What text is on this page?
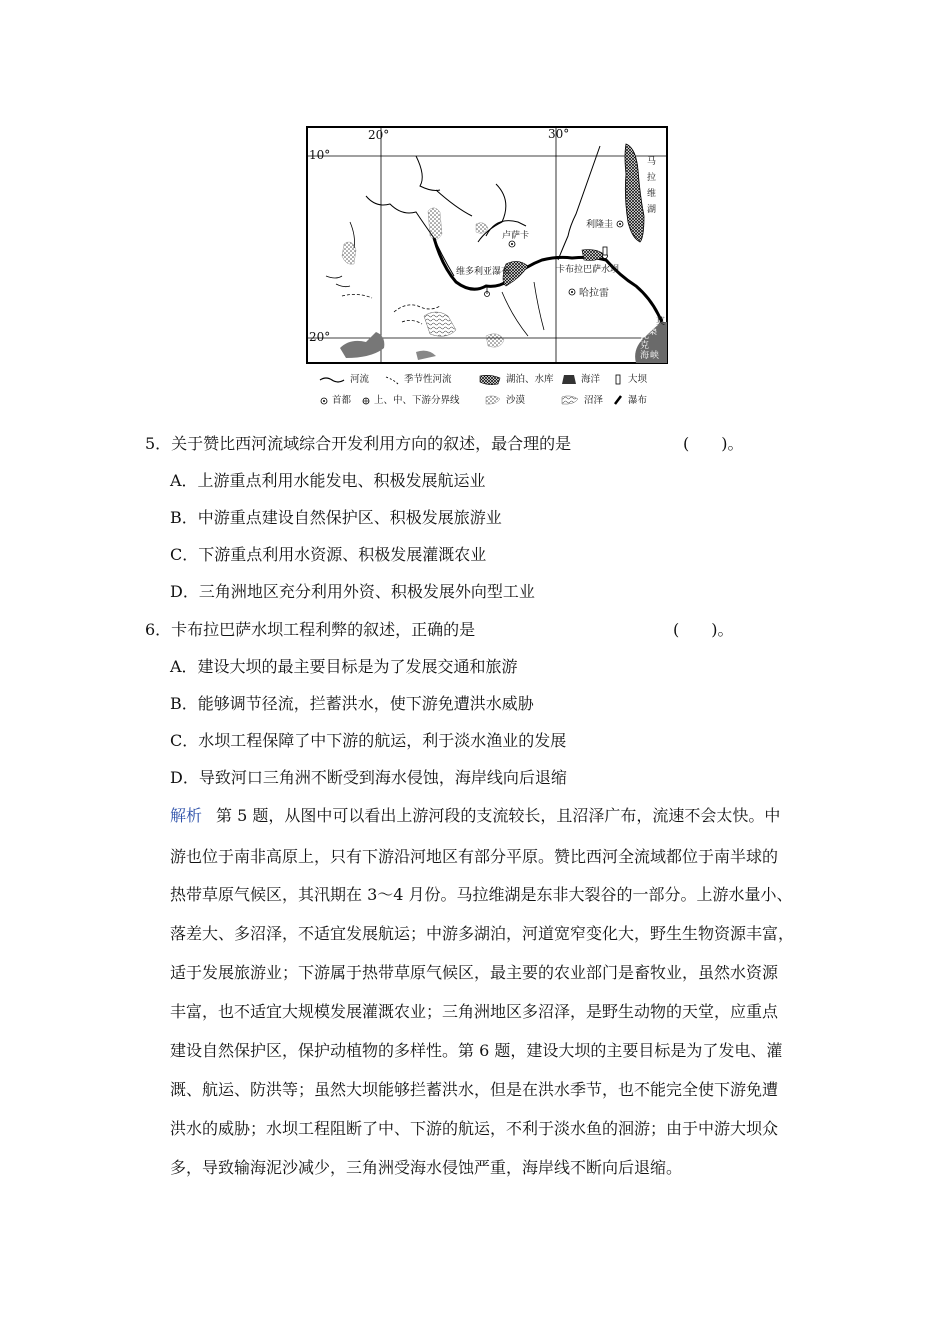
20°	30°
10°
20°
马
拉
维
湖
莫
桑
比
克
海 峡
卢萨卡
利隆圭
哈拉雷
维多利亚瀑布	卡布拉巴萨水坝
河流	季节性河流	湖泊、水库	海洋	大坝
首都 上、中、下游分界线	沙漠	沼泽	瀑布
5．关于赞比西河流域综合开发利用方向的叙述，最合理的是	(　　)。
A．上游重点利用水能发电、积极发展航运业
B．中游重点建设自然保护区、积极发展旅游业
C．下游重点利用水资源、积极发展灌溉农业
D．三角洲地区充分利用外资、积极发展外向型工业
6．卡布拉巴萨水坝工程利弊的叙述，正确的是	(　　)。
A．建设大坝的最主要目标是为了发展交通和旅游
B．能够调节径流，拦蓄洪水，使下游免遭洪水威胁
C．水坝工程保障了中下游的航运，利于淡水渔业的发展
D．导致河口三角洲不断受到海水侵蚀，海岸线向后退缩
解析 第 5 题，从图中可以看出上游河段的支流较长，且沼泽广布，流速不会太快。中
游也位于南非高原上，只有下游沿河地区有部分平原。赞比西河全流域都位于南半球的
热带草原气候区，其汛期在 3～4 月份。马拉维湖是东非大裂谷的一部分。上游水量小、
落差大、多沼泽，不适宜发展航运；中游多湖泊，河道宽窄变化大，野生生物资源丰富，
适于发展旅游业；下游属于热带草原气候区，最主要的农业部门是畜牧业，虽然水资源
丰富，也不适宜大规模发展灌溉农业；三角洲地区多沼泽，是野生动物的天堂，应重点
建设自然保护区，保护动植物的多样性。第 6 题，建设大坝的主要目标是为了发电、灌
溉、航运、防洪等；虽然大坝能够拦蓄洪水，但是在洪水季节，也不能完全使下游免遭
洪水的威胁；水坝工程阻断了中、下游的航运，不利于淡水鱼的洄游；由于中游大坝众
多，导致输海泥沙减少，三角洲受海水侵蚀严重，海岸线不断向后退缩。
